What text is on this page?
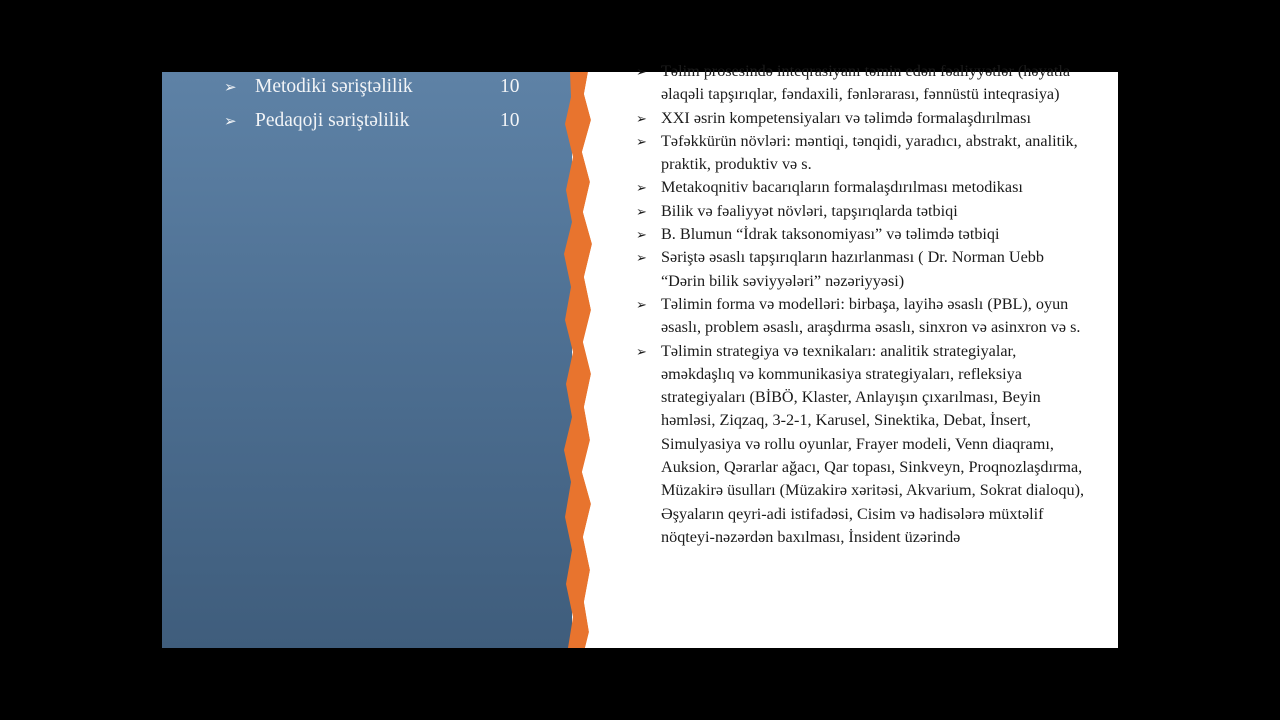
➢ Metodiki səriştəlilik	10
➢ Pedaqoji səriştəlilik	10
➢ Təlim prosesində inteqrasiyanı təmin edən fəaliyyətlər (həyatla əlaqəli tapşırıqlar, fəndaxili, fənlərarası, fənnüstü inteqrasiya)
➢ XXI əsrin kompetensiyaları və təlimdə formalaşdırılması
➢ Təfəkkürün növləri: məntiqi, tənqidi, yaradıcı, abstrakt, analitik, praktik, produktiv və s.
➢ Metakoqnitiv bacarıqların formalaşdırılması metodikası
➢ Bilik və fəaliyyət növləri, tapşırıqlarda tətbiqi
➢ B. Blumun “İdrak taksonomiyası” və təlimdə tətbiqi
➢ Səriştə əsaslı tapşırıqların hazırlanması ( Dr. Norman Uebb “Dərin bilik səviyyələri” nəzəriyyəsi)
➢ Təlimin forma və modelləri: birbaşa, layihə əsaslı (PBL), oyun əsaslı, problem əsaslı, araşdırma əsaslı, sinxron və asinxron və s.
➢ Təlimin strategiya və texnikaları: analitik strategiyalar, əməkdaşlıq və kommunikasiya strategiyaları, refleksiya strategiyaları (BİBÖ, Klaster, Anlayışın çıxarılması, Beyin həmləsi, Ziqzaq, 3-2-1, Karusel, Sinektika, Debat, İnsert, Simulyasiya və rollu oyunlar, Frayer modeli, Venn diaqramı, Auksion, Qərarlar ağacı, Qar topası, Sinkveyn, Proqnozlaşdırma, Müzakirə üsulları (Müzakirə xəritəsi, Akvarium, Sokrat dialoqu), Əşyaların qeyri-adi istifadəsi, Cisim və hadisələrə müxtəlif nöqteyi-nəzərdən baxılması, İnsident üzərində
